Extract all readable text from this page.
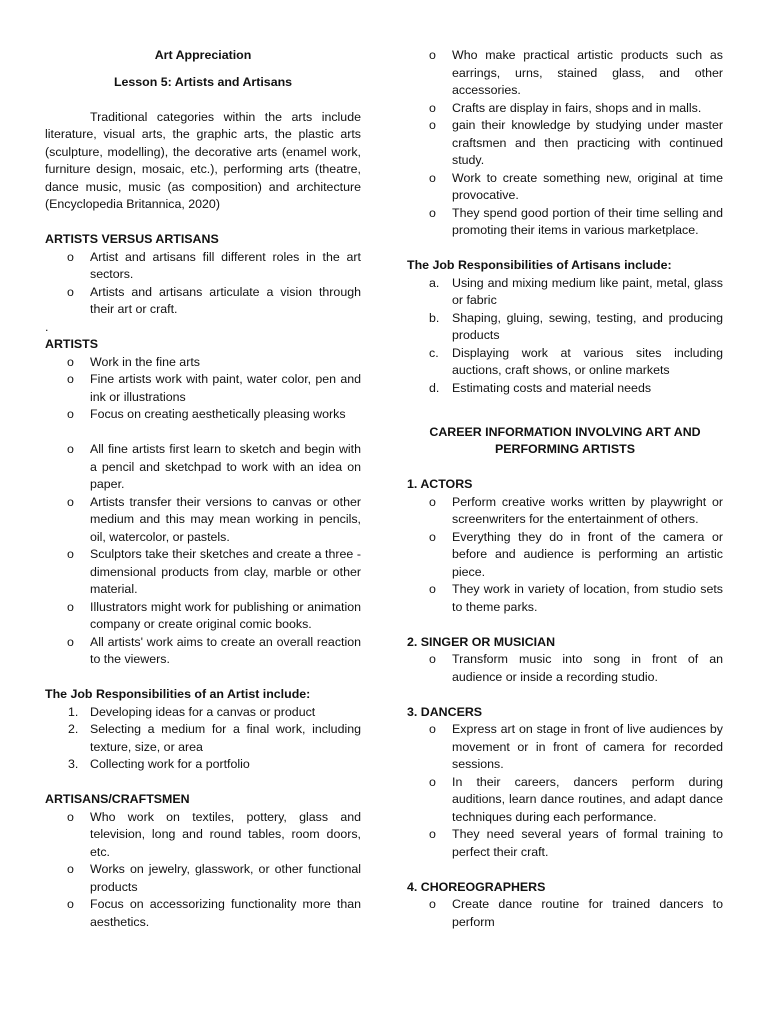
Art Appreciation

Lesson 5: Artists and Artisans

Traditional categories within the arts include literature, visual arts, the graphic arts, the plastic arts (sculpture, modelling), the decorative arts (enamel work, furniture design, mosaic, etc.), performing arts (theatre, dance music, music (as composition) and architecture (Encyclopedia Britannica, 2020)

ARTISTS VERSUS ARTISANS

o	Artist and artisans fill different roles in the art sectors.
o	Artists and artisans articulate a vision through their art or craft.

.

ARTISTS

o	Work in the fine arts
o	Fine artists work with paint, water color, pen and ink or illustrations
o	Focus on creating aesthetically pleasing works
o	All fine artists first learn to sketch and begin with a pencil and sketchpad to work with an idea on paper.
o	Artists transfer their versions to canvas or other medium and this may mean working in pencils, oil, watercolor, or pastels.
o	Sculptors take their sketches and create a three -dimensional products from clay, marble or other material.
o	Illustrators might work for publishing or animation company or create original comic books.
o	All artists' work aims to create an overall reaction to the viewers.

The Job Responsibilities of an Artist include:

1. Developing ideas for a canvas or product
2. Selecting a medium for a final work, including texture, size, or area
3. Collecting work for a portfolio

ARTISANS/CRAFTSMEN

o	Who work on textiles, pottery, glass and television, long and round tables, room doors, etc.
o	Works on jewelry, glasswork, or other functional products
o	Focus on accessorizing functionality more than aesthetics.
o	Who make practical artistic products such as earrings, urns, stained glass, and other accessories.
o	Crafts are display in fairs, shops and in malls.
o	gain their knowledge by studying under master craftsmen and then practicing with continued study.
o	Work to create something new, original at time provocative.
o	They spend good portion of their time selling and promoting their items in various marketplace.

The Job Responsibilities of Artisans include:

a.	Using and mixing medium like paint, metal, glass or fabric
b.	Shaping, gluing, sewing, testing, and producing products
c.	Displaying work at various sites including auctions, craft shows, or online markets
d.	Estimating costs and material needs

CAREER INFORMATION INVOLVING ART AND

PERFORMING ARTISTS

1. ACTORS

o	Perform creative works written by playwright or screenwriters for the entertainment of others.
o	Everything they do in front of the camera or before and audience is performing an artistic piece.
o	They work in variety of location, from studio sets to theme parks.

2. SINGER OR MUSICIAN

o	Transform music into song in front of an audience or inside a recording studio.

3. DANCERS

o	Express art on stage in front of live audiences by movement or in front of camera for recorded sessions.
o	In their careers, dancers perform during auditions, learn dance routines, and adapt dance techniques during each performance.
o	They need several years of formal training to perfect their craft.

4. CHOREOGRAPHERS

o	Create dance routine for trained dancers to perform
